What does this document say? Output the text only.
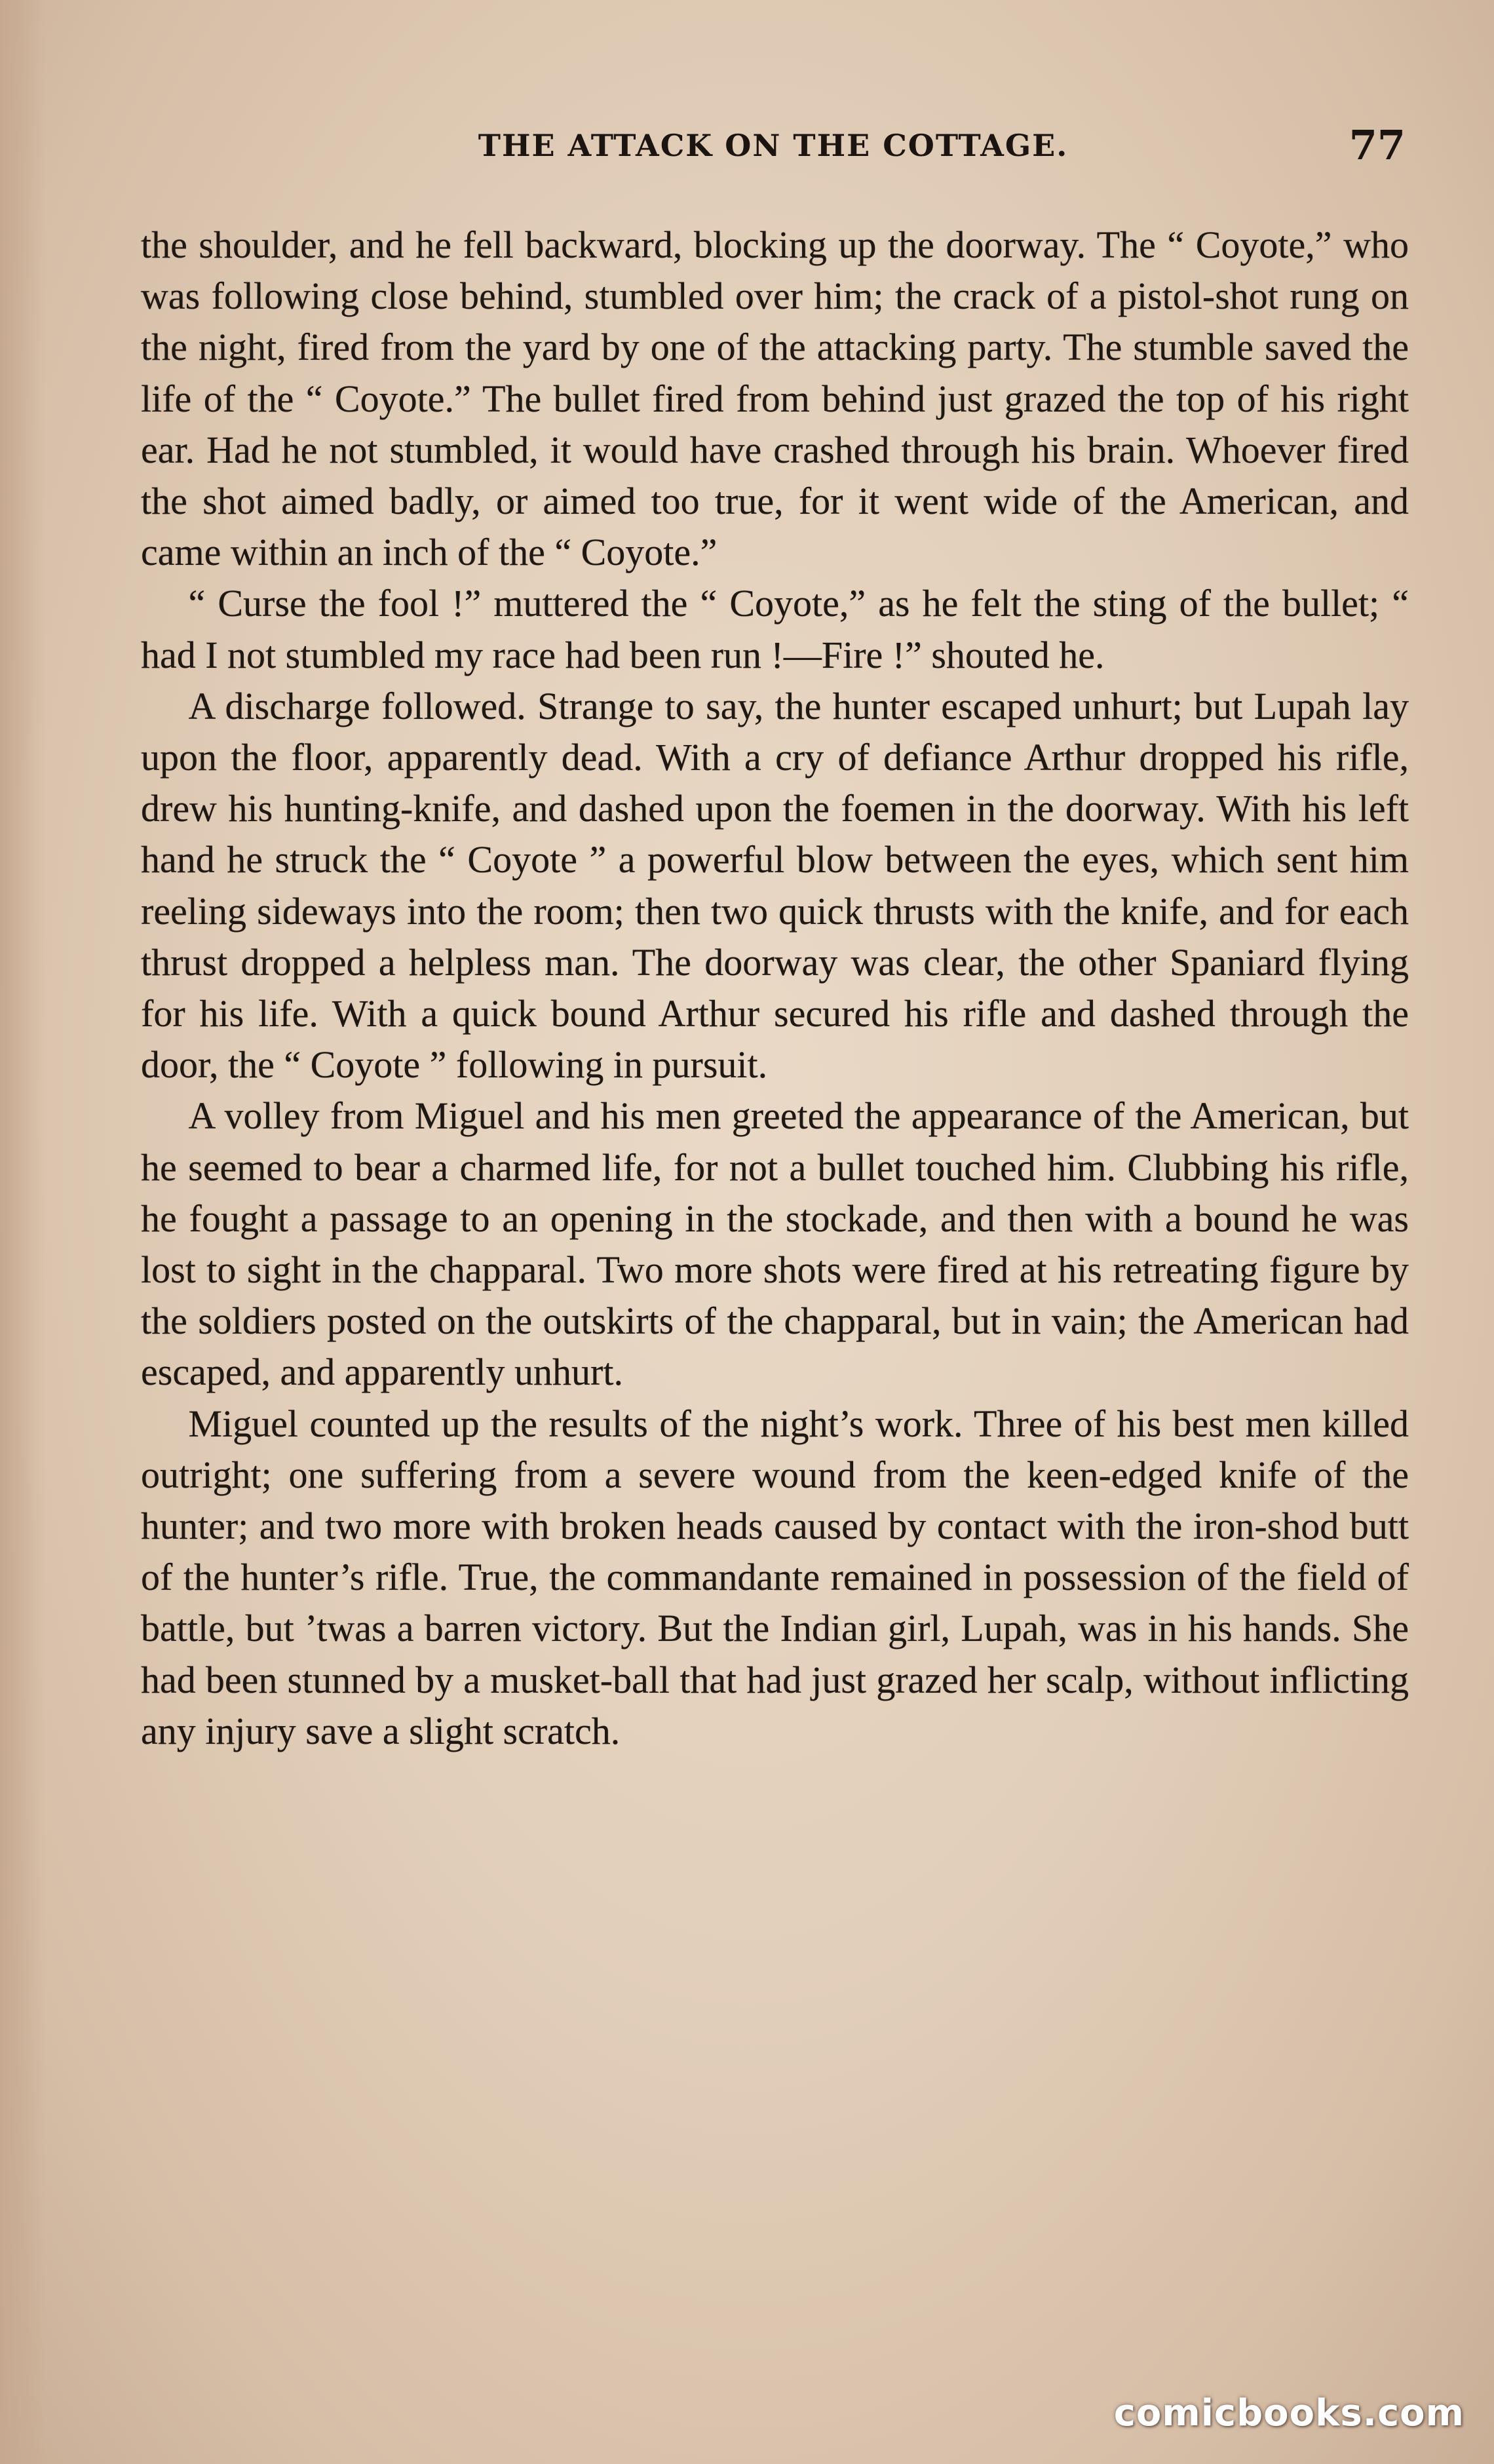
THE ATTACK ON THE COTTAGE.	77

the shoulder, and he fell backward, blocking up the doorway. The “ Coyote,” who was following close behind, stumbled over him; the crack of a pistol-shot rung on the night, fired from the yard by one of the attacking party. The stumble saved the life of the “ Coyote.” The bullet fired from behind just grazed the top of his right ear. Had he not stumbled, it would have crashed through his brain. Whoever fired the shot aimed badly, or aimed too true, for it went wide of the American, and came within an inch of the “ Coyote.”

“ Curse the fool !” muttered the “ Coyote,” as he felt the sting of the bullet; “ had I not stumbled my race had been run !—Fire !” shouted he.

A discharge followed. Strange to say, the hunter escaped unhurt; but Lupah lay upon the floor, apparently dead. With a cry of defiance Arthur dropped his rifle, drew his hunting-knife, and dashed upon the foemen in the doorway. With his left hand he struck the “ Coyote ” a powerful blow between the eyes, which sent him reeling sideways into the room; then two quick thrusts with the knife, and for each thrust dropped a helpless man. The doorway was clear, the other Spaniard flying for his life. With a quick bound Arthur secured his rifle and dashed through the door, the “ Coyote ” following in pursuit.

A volley from Miguel and his men greeted the appearance of the American, but he seemed to bear a charmed life, for not a bullet touched him. Clubbing his rifle, he fought a passage to an opening in the stockade, and then with a bound he was lost to sight in the chapparal. Two more shots were fired at his retreating figure by the soldiers posted on the outskirts of the chapparal, but in vain; the American had escaped, and apparently unhurt.

Miguel counted up the results of the night’s work. Three of his best men killed outright; one suffering from a severe wound from the keen-edged knife of the hunter; and two more with broken heads caused by contact with the iron-shod butt of the hunter’s rifle. True, the commandante remained in possession of the field of battle, but ’twas a barren victory. But the Indian girl, Lupah, was in his hands. She had been stunned by a musket-ball that had just grazed her scalp, without inflicting any injury save a slight scratch.

comicbooks.com
